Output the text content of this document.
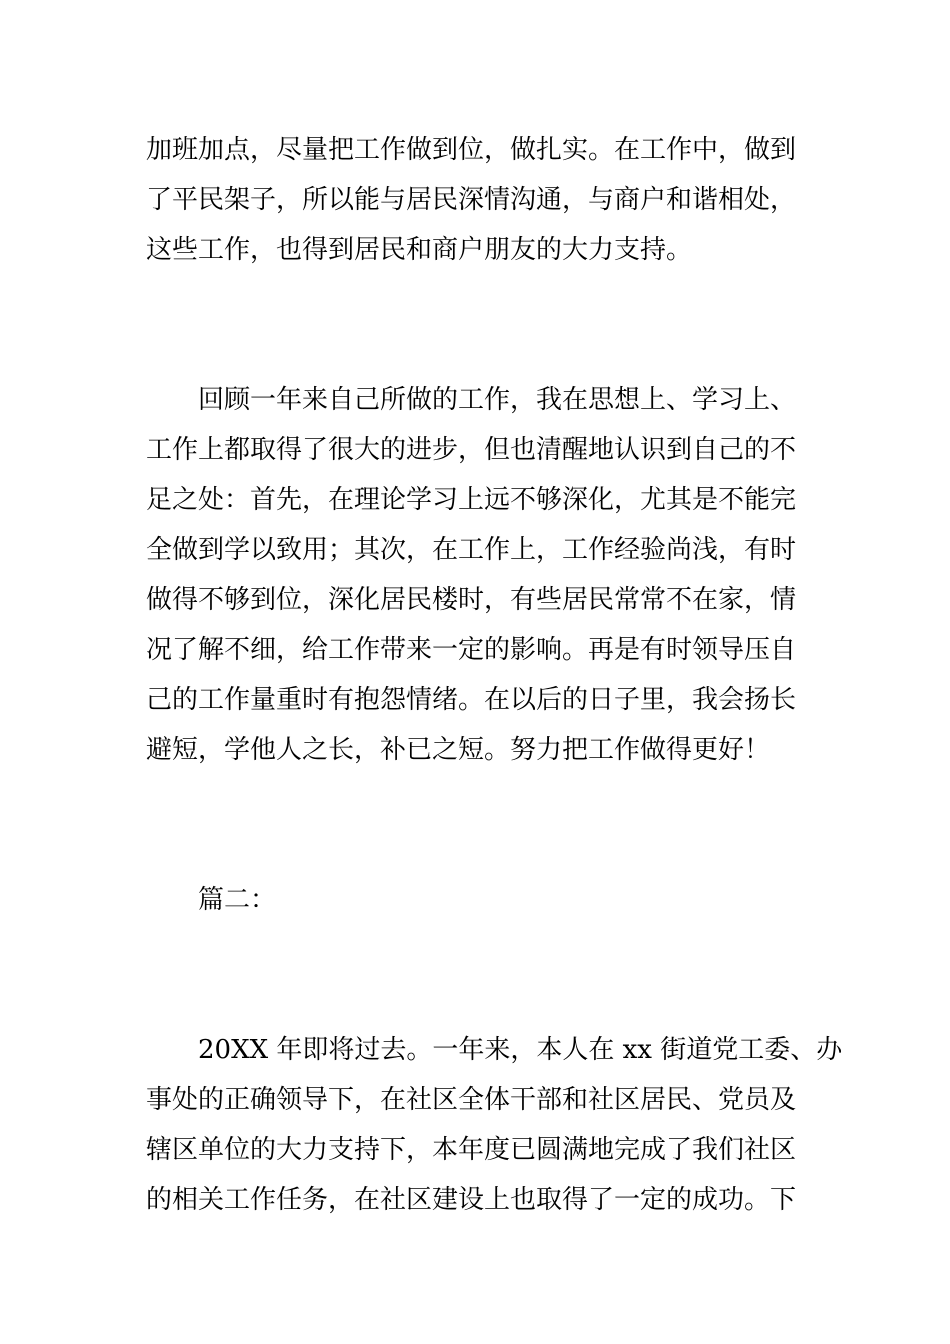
加班加点，尽量把工作做到位，做扎实。在工作中，做到
了平民架子，所以能与居民深情沟通，与商户和谐相处，
这些工作，也得到居民和商户朋友的大力支持。
回顾一年来自己所做的工作，我在思想上、学习上、
工作上都取得了很大的进步，但也清醒地认识到自己的不
足之处：首先，在理论学习上远不够深化，尤其是不能完
全做到学以致用；其次，在工作上，工作经验尚浅，有时
做得不够到位，深化居民楼时，有些居民常常不在家，情
况了解不细，给工作带来一定的影响。再是有时领导压自
己的工作量重时有抱怨情绪。在以后的日子里，我会扬长
避短，学他人之长，补已之短。努力把工作做得更好！
篇二：
20XX 年即将过去。一年来，本人在 xx 街道党工委、办
事处的正确领导下，在社区全体干部和社区居民、党员及
辖区单位的大力支持下，本年度已圆满地完成了我们社区
的相关工作任务，在社区建设上也取得了一定的成功。下
